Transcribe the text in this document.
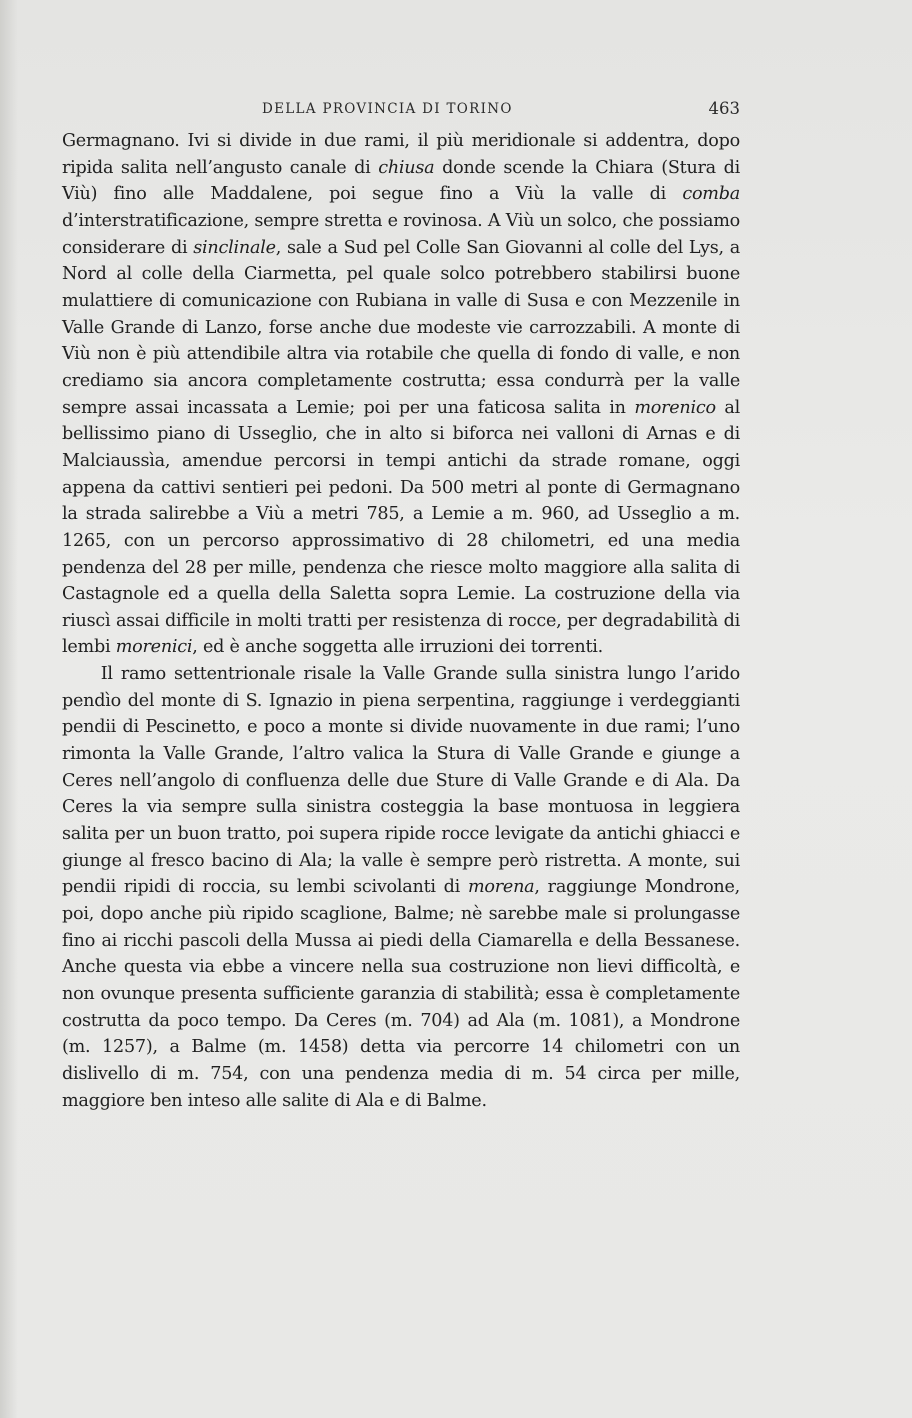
DELLA PROVINCIA DI TORINO	463

Germagnano. Ivi si divide in due rami, il più meridionale si addentra, dopo ripida salita nell’angusto canale di chiusa donde scende la Chiara (Stura di Viù) fino alle Maddalene, poi segue fino a Viù la valle di comba d’interstratificazione, sempre stretta e rovinosa. A Viù un solco, che possiamo considerare di sinclinale, sale a Sud pel Colle San Giovanni al colle del Lys, a Nord al colle della Ciarmetta, pel quale solco potrebbero stabilirsi buone mulattiere di comunicazione con Rubiana in valle di Susa e con Mezzenile in Valle Grande di Lanzo, forse anche due modeste vie carrozzabili. A monte di Viù non è più attendibile altra via rotabile che quella di fondo di valle, e non crediamo sia ancora completamente costrutta; essa condurrà per la valle sempre assai incassata a Lemie; poi per una faticosa salita in morenico al bellissimo piano di Usseglio, che in alto si biforca nei valloni di Arnas e di Malciaussìa, amendue percorsi in tempi antichi da strade romane, oggi appena da cattivi sentieri pei pedoni. Da 500 metri al ponte di Germagnano la strada salirebbe a Viù a metri 785, a Lemie a m. 960, ad Usseglio a m. 1265, con un percorso approssimativo di 28 chilometri, ed una media pendenza del 28 per mille, pendenza che riesce molto maggiore alla salita di Castagnole ed a quella della Saletta sopra Lemie. La costruzione della via riuscì assai difficile in molti tratti per resistenza di rocce, per degradabilità di lembi morenici, ed è anche soggetta alle irruzioni dei torrenti.

Il ramo settentrionale risale la Valle Grande sulla sinistra lungo l’arido pendìo del monte di S. Ignazio in piena serpentina, raggiunge i verdeggianti pendii di Pescinetto, e poco a monte si divide nuovamente in due rami; l’uno rimonta la Valle Grande, l’altro valica la Stura di Valle Grande e giunge a Ceres nell’angolo di confluenza delle due Sture di Valle Grande e di Ala. Da Ceres la via sempre sulla sinistra costeggia la base montuosa in leggiera salita per un buon tratto, poi supera ripide rocce levigate da antichi ghiacci e giunge al fresco bacino di Ala; la valle è sempre però ristretta. A monte, sui pendii ripidi di roccia, su lembi scivolanti di morena, raggiunge Mondrone, poi, dopo anche più ripido scaglione, Balme; nè sarebbe male si prolungasse fino ai ricchi pascoli della Mussa ai piedi della Ciamarella e della Bessanese. Anche questa via ebbe a vincere nella sua costruzione non lievi difficoltà, e non ovunque presenta sufficiente garanzia di stabilità; essa è completamente costrutta da poco tempo. Da Ceres (m. 704) ad Ala (m. 1081), a Mondrone (m. 1257), a Balme (m. 1458) detta via percorre 14 chilometri con un dislivello di m. 754, con una pendenza media di m. 54 circa per mille, maggiore ben inteso alle salite di Ala e di Balme.
